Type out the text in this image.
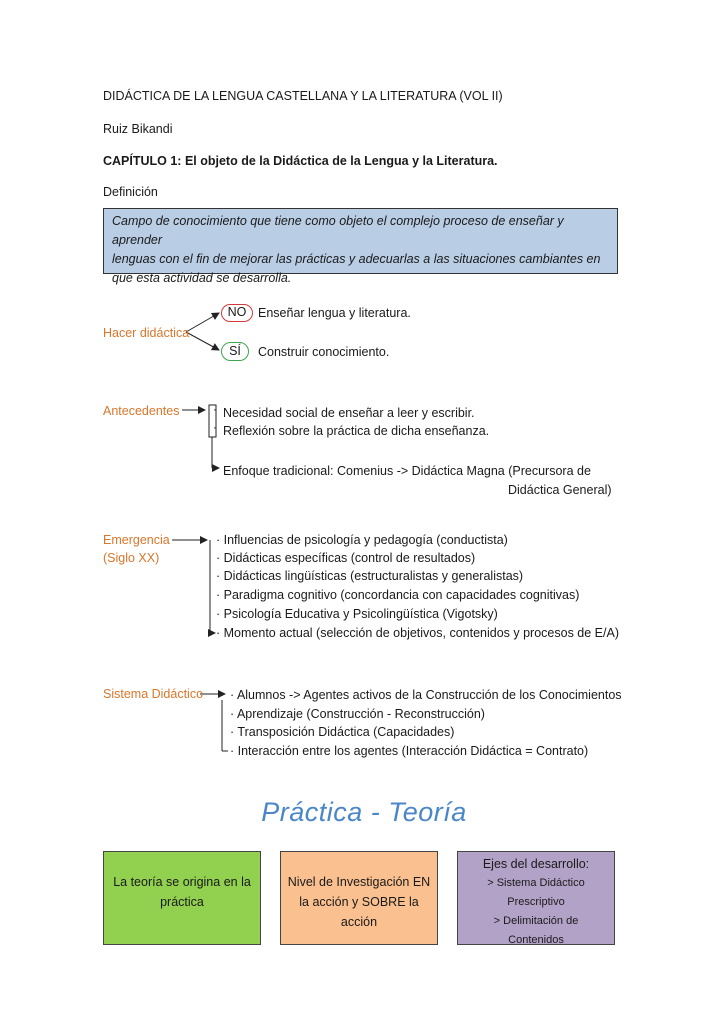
DIDÁCTICA DE LA LENGUA CASTELLANA Y LA LITERATURA (VOL II)
Ruiz Bikandi
CAPÍTULO 1: El objeto de la Didáctica de la Lengua y la Literatura.
Definición
Campo de conocimiento que tiene como objeto el complejo proceso de enseñar y aprender
lenguas con el fin de mejorar las prácticas y adecuarlas a las situaciones cambiantes en
que esta actividad se desarrolla.
Hacer didáctica
NO Enseñar lengua y literatura.
SÍ	Construir conocimiento.
Antecedentes	·
·
Necesidad social de enseñar a leer y escribir.
Reflexión sobre la práctica de dicha enseñanza.
Enfoque tradicional: Comenius -> Didáctica Magna (Precursora de
Didáctica General)
Emergencia
(Siglo XX)
· Influencias de psicología y pedagogía (conductista)
· Didácticas específicas (control de resultados)
· Didácticas lingüísticas (estructuralistas y generalistas)
· Paradigma cognitivo (concordancia con capacidades cognitivas)
· Psicología Educativa y Psicolingüística (Vigotsky)
· Momento actual (selección de objetivos, contenidos y procesos de E/A)
Sistema Didáctico · Alumnos -> Agentes activos de la Construcción de los Conocimientos
· Aprendizaje (Construcción - Reconstrucción)
· Transposición Didáctica (Capacidades)
· Interacción entre los agentes (Interacción Didáctica = Contrato)
Práctica - Teoría
La teoría se origina en la
práctica
Nivel de Investigación EN
la acción y SOBRE la
acción
Ejes del desarrollo:
> Sistema Didáctico
Prescriptivo
> Delimitación de
Contenidos
